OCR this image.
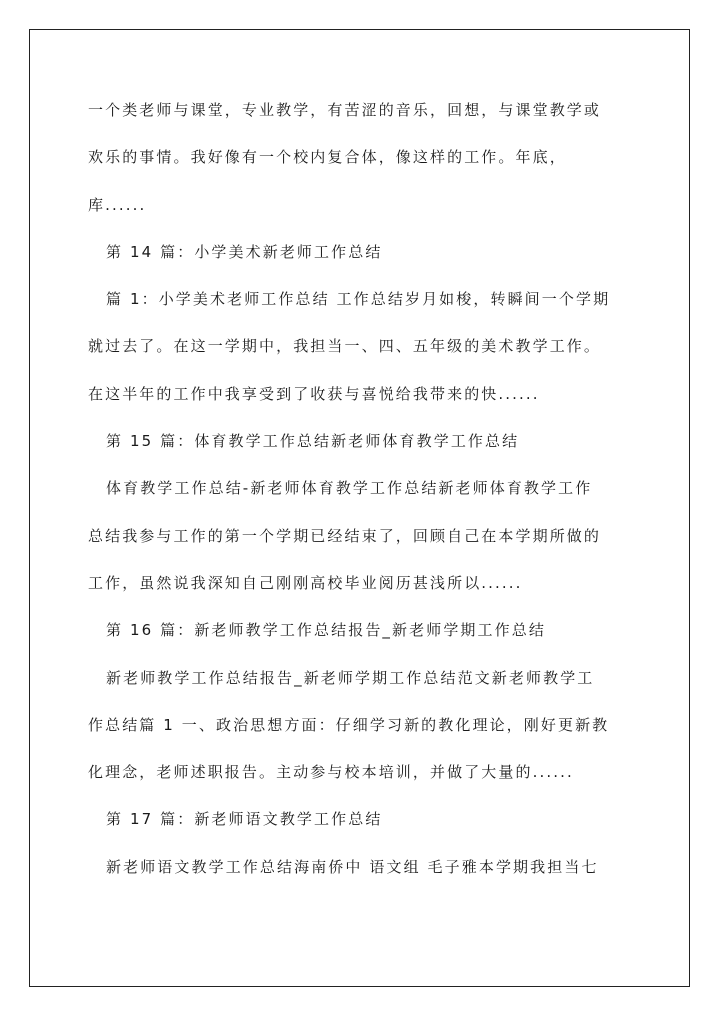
一个类老师与课堂，专业教学，有苦涩的音乐，回想，与课堂教学或
欢乐的事情。我好像有一个校内复合体，像这样的工作。年底，
库......
第 14 篇：小学美术新老师工作总结
篇 1：小学美术老师工作总结 工作总结岁月如梭，转瞬间一个学期
就过去了。在这一学期中，我担当一、四、五年级的美术教学工作。
在这半年的工作中我享受到了收获与喜悦给我带来的快......
第 15 篇：体育教学工作总结新老师体育教学工作总结
体育教学工作总结-新老师体育教学工作总结新老师体育教学工作
总结我参与工作的第一个学期已经结束了，回顾自己在本学期所做的
工作，虽然说我深知自己刚刚高校毕业阅历甚浅所以......
第 16 篇：新老师教学工作总结报告_新老师学期工作总结
新老师教学工作总结报告_新老师学期工作总结范文新老师教学工
作总结篇 1 一、政治思想方面：仔细学习新的教化理论，刚好更新教
化理念，老师述职报告。主动参与校本培训，并做了大量的......
第 17 篇：新老师语文教学工作总结
新老师语文教学工作总结海南侨中 语文组 毛子雅本学期我担当七
